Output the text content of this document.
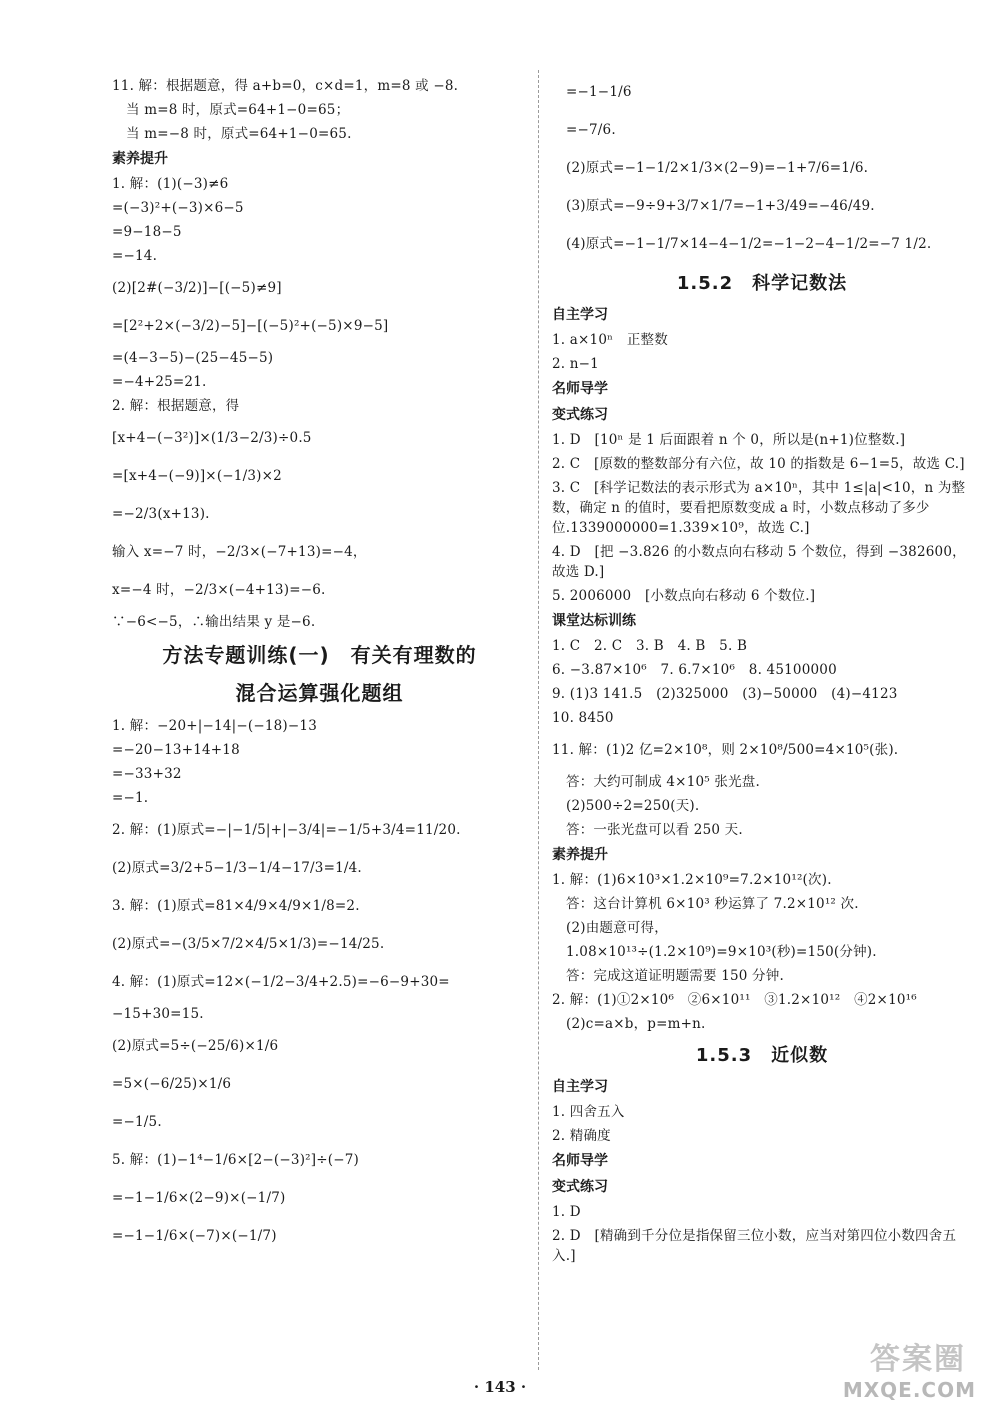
11. 解：根据题意，得 a+b=0，c×d=1，m=8 或 −8.
当 m=8 时，原式=64+1−0=65；
当 m=−8 时，原式=64+1−0=65.
素养提升
1. 解：(1)(−3)≠6
=(−3)²+(−3)×6−5
=9−18−5
=−14.
(2)[2#(−3/2)]−[(−5)≠9]
=[2²+2×(−3/2)−5]−[(−5)²+(−5)×9−5]
=(4−3−5)−(25−45−5)
=−4+25=21.
2. 解：根据题意，得
[x+4−(−3²)]×(1/3−2/3)÷0.5
=[x+4−(−9)]×(−1/3)×2
=−2/3(x+13).
输入 x=−7 时，−2/3×(−7+13)=−4，
x=−4 时，−2/3×(−4+13)=−6.
∵−6<−5，∴输出结果 y 是−6.
方法专题训练(一)　有关有理数的
混合运算强化题组
1. 解：−20+|−14|−(−18)−13
=−20−13+14+18
=−33+32
=−1.
2. 解：(1)原式=−|−1/5|+|−3/4|=−1/5+3/4=11/20.
(2)原式=3/2+5−1/3−1/4−17/3=1/4.
3. 解：(1)原式=81×4/9×4/9×1/8=2.
(2)原式=−(3/5×7/2×4/5×1/3)=−14/25.
4. 解：(1)原式=12×(−1/2−3/4+2.5)=−6−9+30=
−15+30=15.
(2)原式=5÷(−25/6)×1/6
=5×(−6/25)×1/6
=−1/5.
5. 解：(1)−1⁴−1/6×[2−(−3)²]÷(−7)
=−1−1/6×(2−9)×(−1/7)
=−1−1/6×(−7)×(−1/7)
=−1−1/6
=−7/6.
(2)原式=−1−1/2×1/3×(2−9)=−1+7/6=1/6.
(3)原式=−9÷9+3/7×1/7=−1+3/49=−46/49.
(4)原式=−1−1/7×14−4−1/2=−1−2−4−1/2=−7 1/2.
1.5.2　科学记数法
自主学习
1. a×10ⁿ　正整数
2. n−1
名师导学
变式练习
1. D　[10ⁿ 是 1 后面跟着 n 个 0，所以是(n+1)位整数.]
2. C　[原数的整数部分有六位，故 10 的指数是 6−1=5，故选 C.]
3. C　[科学记数法的表示形式为 a×10ⁿ，其中 1≤|a|<10，n 为整数，确定 n 的值时，要看把原数变成 a 时，小数点移动了多少位.1339000000=1.339×10⁹，故选 C.]
4. D　[把 −3.826 的小数点向右移动 5 个数位，得到 −382600，故选 D.]
5. 2006000　[小数点向右移动 6 个数位.]
课堂达标训练
1. C　2. C　3. B　4. B　5. B
6. −3.87×10⁶　7. 6.7×10⁶　8. 45100000
9. (1)3 141.5　(2)325000　(3)−50000　(4)−4123
10. 8450
11. 解：(1)2 亿=2×10⁸，则 2×10⁸/500=4×10⁵(张).
答：大约可制成 4×10⁵ 张光盘.
(2)500÷2=250(天).
答：一张光盘可以看 250 天.
素养提升
1. 解：(1)6×10³×1.2×10⁹=7.2×10¹²(次).
答：这台计算机 6×10³ 秒运算了 7.2×10¹² 次.
(2)由题意可得，
1.08×10¹³÷(1.2×10⁹)=9×10³(秒)=150(分钟).
答：完成这道证明题需要 150 分钟.
2. 解：(1)①2×10⁶　②6×10¹¹　③1.2×10¹²　④2×10¹⁶
(2)c=a×b，p=m+n.
1.5.3　近似数
自主学习
1. 四舍五入
2. 精确度
名师导学
变式练习
1. D
2. D　[精确到千分位是指保留三位小数，应当对第四位小数四舍五入.]
· 143 ·
答案圈
MXQE.COM
